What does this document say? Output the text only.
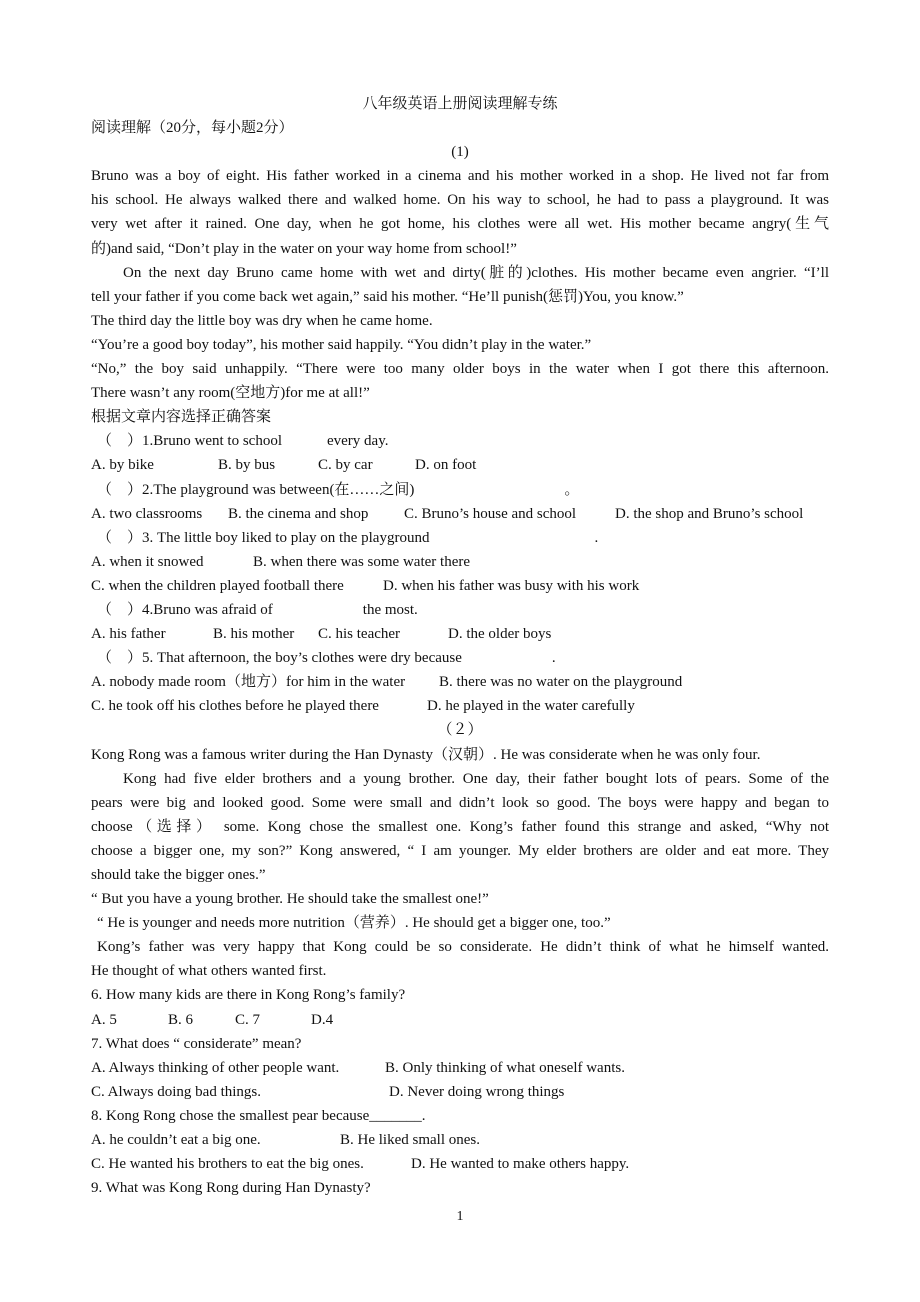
八年级英语上册阅读理解专练
阅读理解（20分，每小题2分）
(1)
Bruno was a boy of eight. His father worked in a cinema and his mother worked in a shop. He lived not far from
his school. He always walked there and walked home. On his way to school, he had to pass a playground. It was
very wet after it rained. One day, when he got home, his clothes were all wet. His mother became angry(生气
的)and said, “Don’t play in the water on your way home from school!”
On the next day Bruno came home with wet and dirty(脏的)clothes. His mother became even angrier. “I’ll
tell your father if you come back wet again,” said his mother. “He’ll punish(惩罚)You, you know.”
The third day the little boy was dry when he came home.
“You’re a good boy today”, his mother said happily. “You didn’t play in the water.”
“No,” the boy said unhappily. “There were too many older boys in the water when I got there this afternoon.
There wasn’t any room(空地方)for me at all!”
根据文章内容选择正确答案
（　）1.Bruno went to school　　　every day.
A. by bike	B. by bus	C. by car	D. on foot
（　）2.The playground was between(在……之间)　　　　　　　　　　。
A. two classrooms B. the cinema and shop C. Bruno’s house and school	D. the shop and Bruno’s school
（　）3. The little boy liked to play on the playground　　　　　　　　　　　.
A. when it snowed	B. when there was some water there
C. when the children played football there	D. when his father was busy with his work
（　）4.Bruno was afraid of　　　　　　the most.
A. his father	B. his mother C. his teacher	D. the older boys
（　）5. That afternoon, the boy’s clothes were dry because　　　　　　.
A. nobody made room（地方）for him in the water B. there was no water on the playground
C. he took off his clothes before he played there	D. he played in the water carefully
（２）
Kong Rong was a famous writer during the Han Dynasty（汉朝）. He was considerate when he was only four.
Kong had five elder brothers and a young brother. One day, their father bought lots of pears. Some of the
pears were big and looked good. Some were small and didn’t look so good. The boys were happy and began to
choose（选择） some. Kong chose the smallest one. Kong’s father found this strange and asked, “Why not
choose a bigger one, my son?” Kong answered, “ I am younger. My elder brothers are older and eat more. They
should take the bigger ones.”
“ But you have a young brother. He should take the smallest one!”
“ He is younger and needs more nutrition（营养）. He should get a bigger one, too.”
Kong’s father was very happy that Kong could be so considerate. He didn’t think of what he himself wanted.
He thought of what others wanted first.
6. How many kids are there in Kong Rong’s family?
A. 5	B. 6	C. 7	D.4
7. What does “ considerate” mean?
A. Always thinking of other people want.	B. Only thinking of what oneself wants.
C. Always doing bad things.	D. Never doing wrong things
8. Kong Rong chose the smallest pear because_______.
A. he couldn’t eat a big one.	B. He liked small ones.
C. He wanted his brothers to eat the big ones.	D. He wanted to make others happy.
9. What was Kong Rong during Han Dynasty?
1
